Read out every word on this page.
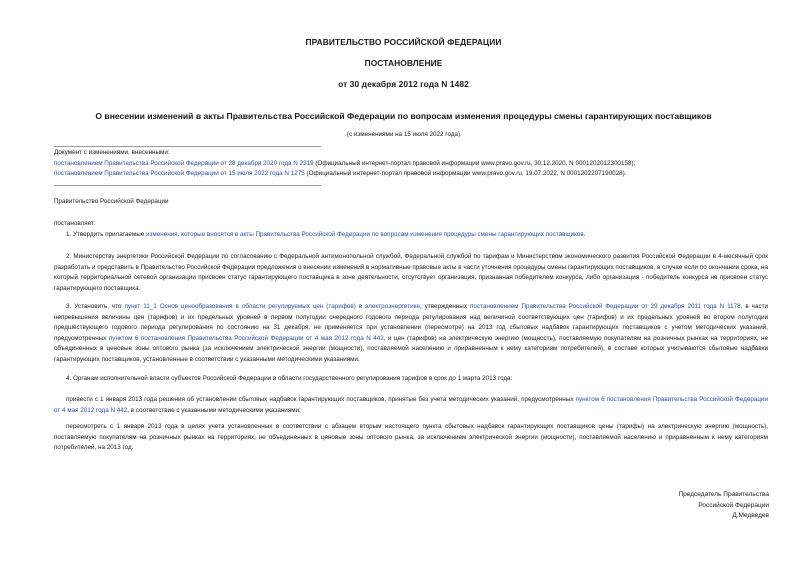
ПРАВИТЕЛЬСТВО РОССИЙСКОЙ ФЕДЕРАЦИИ
ПОСТАНОВЛЕНИЕ
от 30 декабря 2012 года N 1482
О внесении изменений в акты Правительства Российской Федерации по вопросам изменения процедуры смены гарантирующих поставщиков
(с изменениями на 15 июля 2022 года)
Документ с изменениями, внесенными:
постановлением Правительства Российской Федерации от 28 декабря 2020 года N 2319 (Официальный интернет-портал правовой информации www.pravo.gov.ru, 30.12.2020, N 0001202012300158);
постановлением Правительства Российской Федерации от 15 июля 2022 года N 1275 (Официальный интернет-портал правовой информации www.pravo.gov.ru, 19.07.2022, N 0001202207190028).
Правительство Российской Федерации
постановляет:
1. Утвердить прилагаемые изменения, которые вносятся в акты Правительства Российской Федерации по вопросам изменения процедуры смены гарантирующих поставщиков.
2. Министерству энергетики Российской Федерации по согласованию с Федеральной антимонопольной службой, Федеральной службой по тарифам и Министерством экономического развития Российской Федерации в 4-месячный срок разработать и представить в Правительство Российской Федерации предложения о внесении изменений в нормативные правовые акты в части уточнения процедуры смены гарантирующих поставщиков, в случае если по окончании срока, на который территориальной сетевой организации присвоен статус гарантирующего поставщика в зоне деятельности, отсутствует организация, признанная победителем конкурса, либо организация - победитель конкурса не присвоен статус гарантирующего поставщика.
3. Установить, что пункт 11_1 Основ ценообразования в области регулируемых цен (тарифов) в электроэнергетике, утвержденных постановлением Правительства Российской Федерации от 29 декабря 2011 года N 1178, в части непревышения величины цен (тарифов) и их предельных уровней в первом полугодии очередного годового периода регулирования над величиной соответствующих цен (тарифов) и их предельных уровней во втором полугодии предшествующего годового периода регулирования по состоянию на 31 декабря, не применяется при установлении (пересмотре) на 2013 год сбытовых надбавок гарантирующих поставщиков с учетом методических указаний, предусмотренных пунктом 6 постановления Правительства Российской Федерации от 4 мая 2012 года N 442, и цен (тарифов) на электрическую энергию (мощность), поставляемую покупателям на розничных рынках на территориях, не объединенных в ценовые зоны оптового рынка (за исключением электрической энергии (мощности), поставляемой населению и приравненным к нему категориям потребителей), в составе которых учитываются сбытовые надбавки гарантирующих поставщиков, установленные в соответствии с указанными методическими указаниями.
4. Органам исполнительной власти субъектов Российской Федерации в области государственного регулирования тарифов в срок до 1 марта 2013 года:
привести с 1 января 2013 года решения об установлении сбытовых надбавок гарантирующих поставщиков, принятые без учета методических указаний, предусмотренных пунктом 6 постановления Правительства Российской Федерации от 4 мая 2012 года N 442, в соответствие с указанными методическими указаниями;
пересмотреть с 1 января 2013 года в целях учета установленных в соответствии с абзацем вторым настоящего пункта сбытовых надбавок гарантирующих поставщиков цены (тарифы) на электрическую энергию (мощность), поставляемую покупателям на розничных рынках на территориях, не объединенных в ценовые зоны оптового рынка, за исключением электрической энергии (мощности), поставляемой населению и приравненным к нему категориям потребителей, на 2013 год.
Председатель Правительства
Российской Федерации
Д.Медведев
